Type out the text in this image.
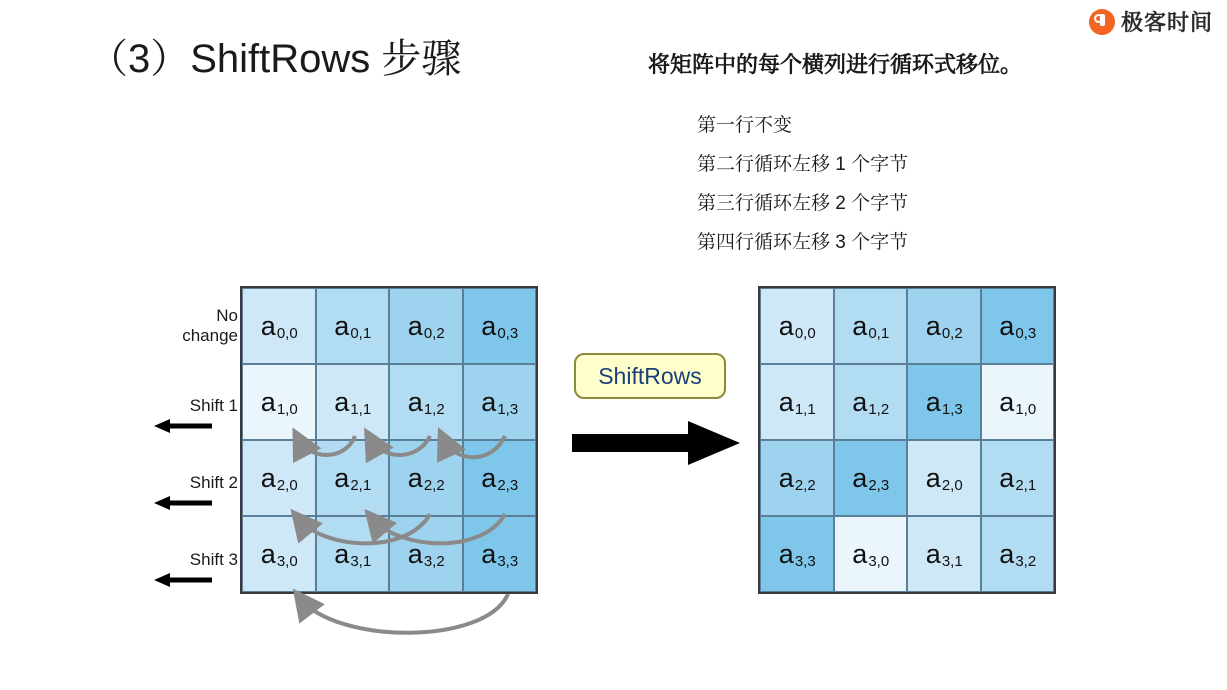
极客时间
（3）ShiftRows 步骤	将矩阵中的每个横列进行循环式移位。
第一行不变
第二行循环左移 1 个字节
第三行循环左移 2 个字节
第四行循环左移 3 个字节
No
change
Shift 1
Shift 2
Shift 3
a 0,0 a 0,1 a 0,2 a 0,3
a 1,0 a 1,1 a 1,2 a 1,3
a 2,0 a 2,1 a 2,2 a 2,3
a 3,0 a 3,1 a 3,2 a 3,3
ShiftRows
a 0,0 a 0,1 a 0,2 a 0,3
a 1,1 a 1,2 a 1,3 a 1,0
a 2,2 a 2,3 a 2,0 a 2,1
a 3,3 a 3,0 a 3,1 a 3,2
